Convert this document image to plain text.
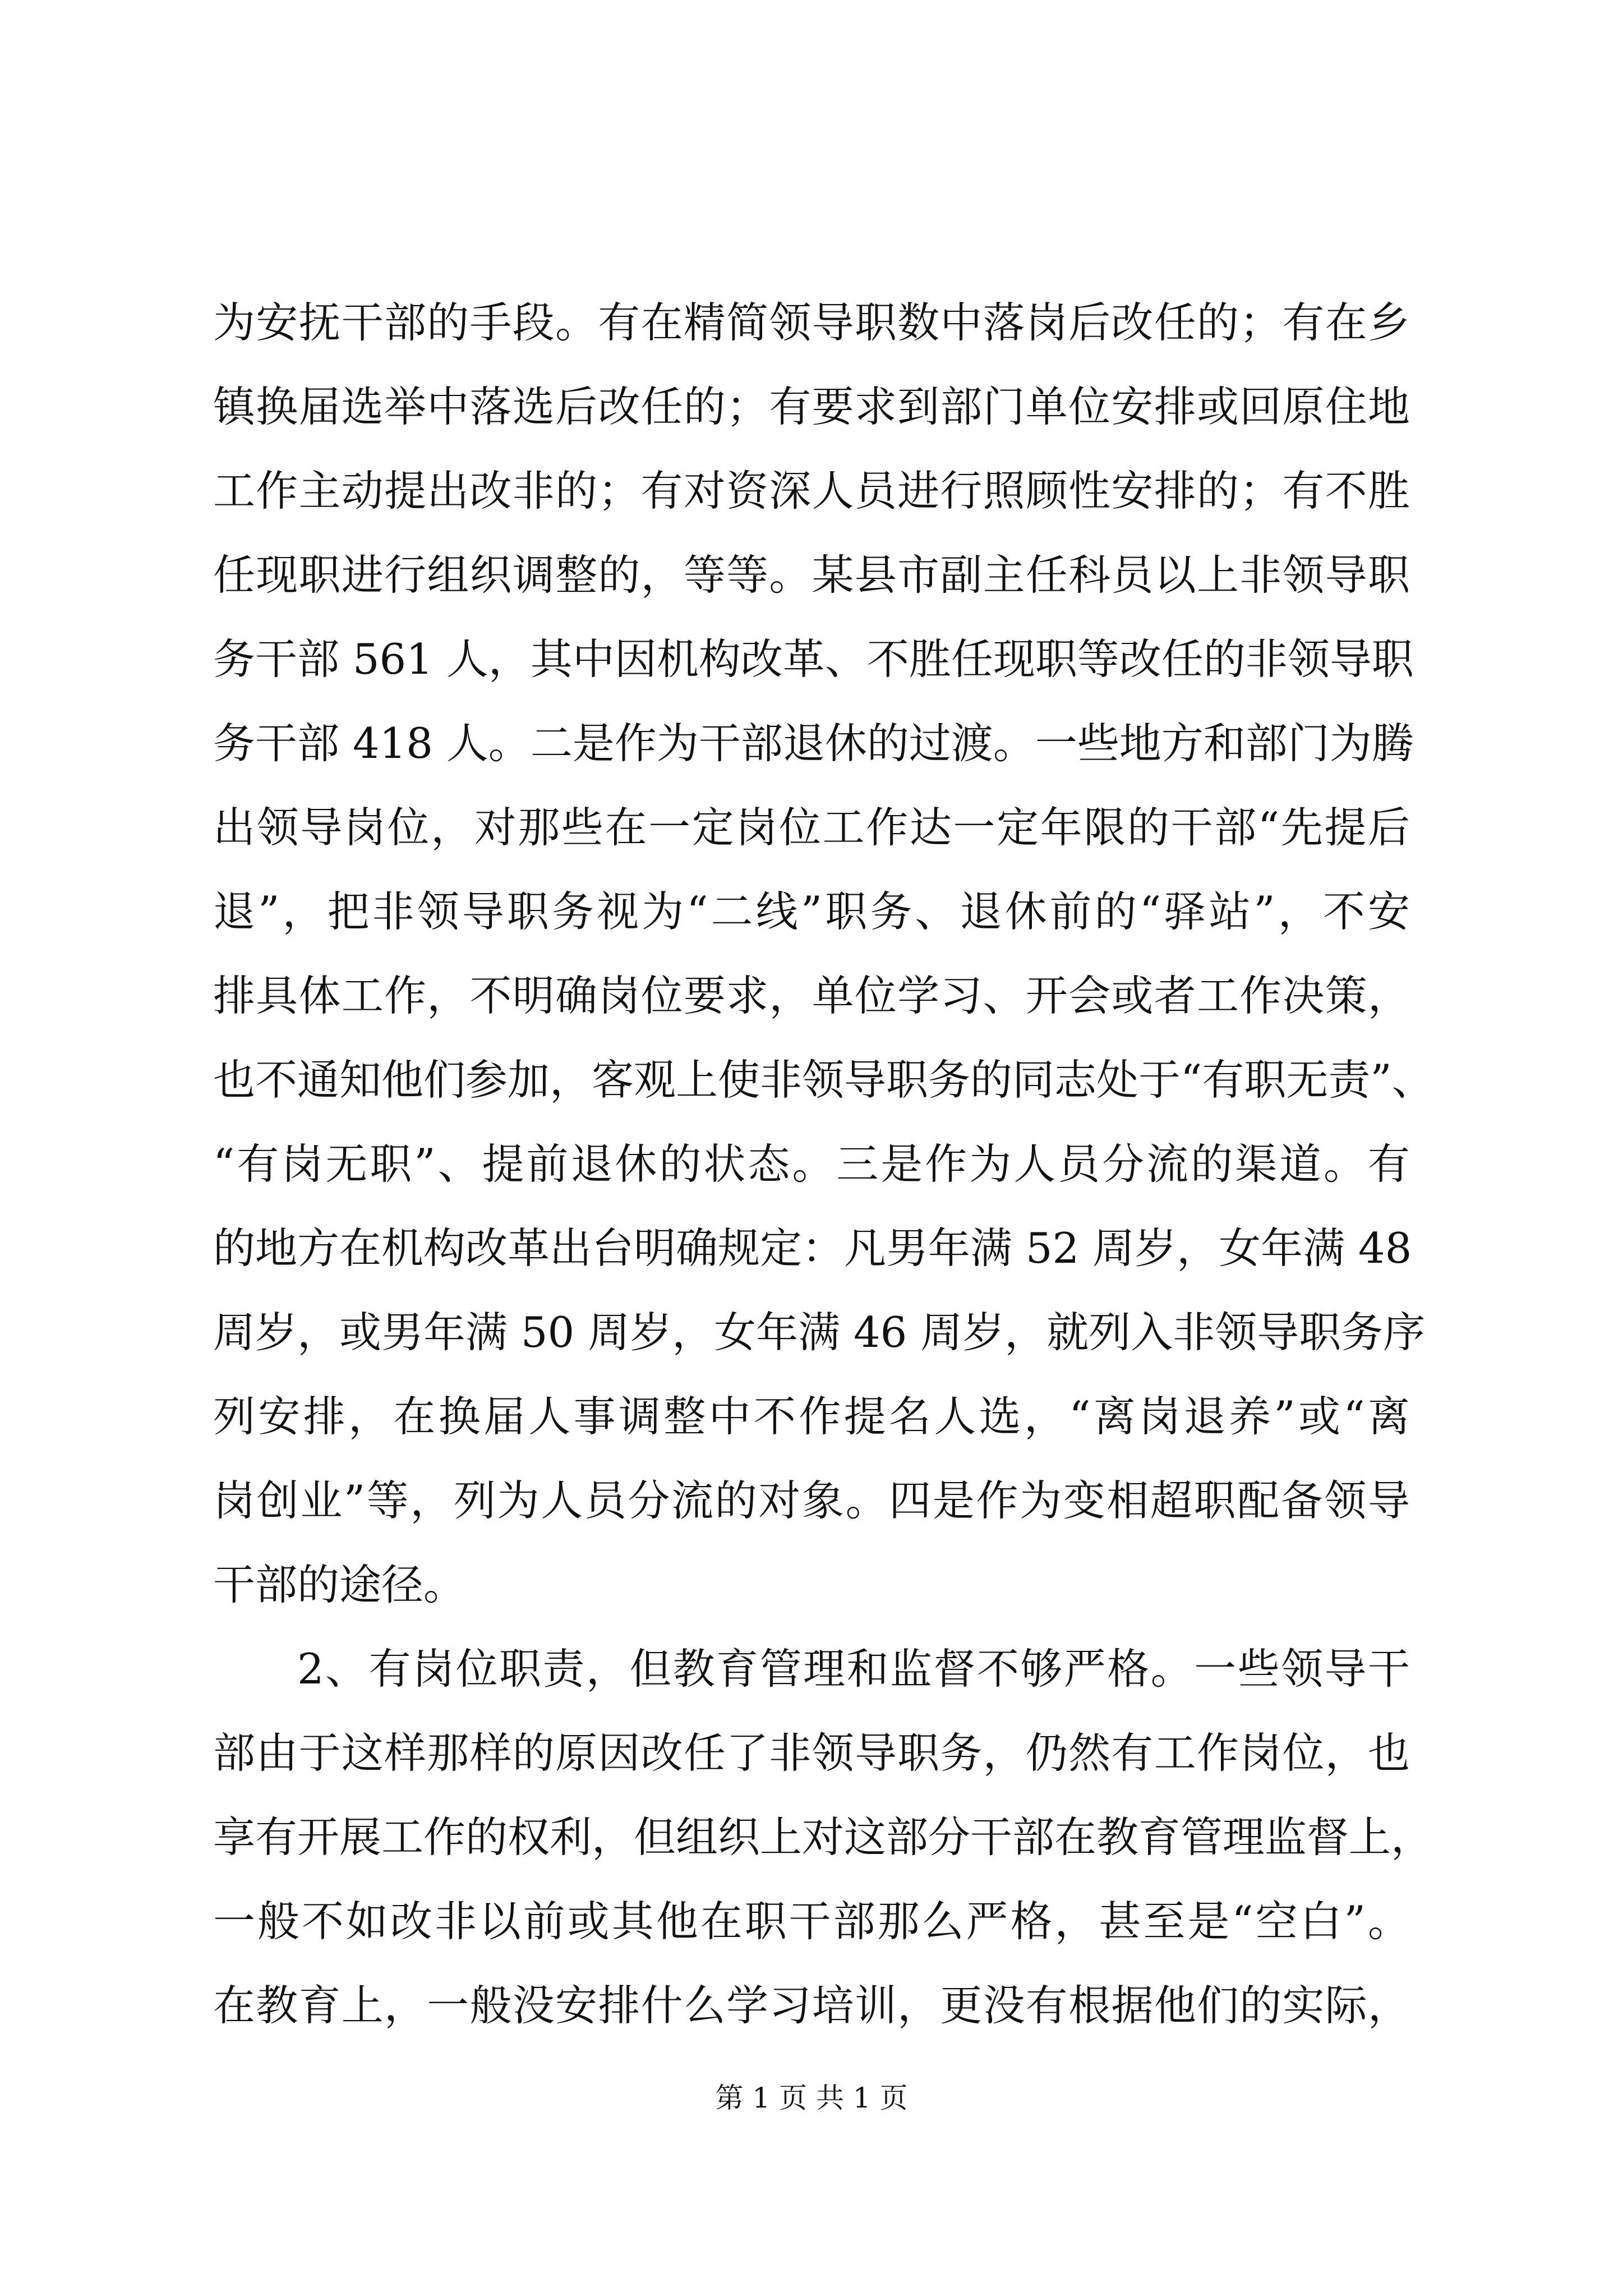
为安抚干部的手段。有在精简领导职数中落岗后改任的；有在乡
镇换届选举中落选后改任的；有要求到部门单位安排或回原住地
工作主动提出改非的；有对资深人员进行照顾性安排的；有不胜
任现职进行组织调整的，等等。某县市副主任科员以上非领导职
务干部 561 人，其中因机构改革、不胜任现职等改任的非领导职
务干部 418 人。二是作为干部退休的过渡。一些地方和部门为腾
出领导岗位，对那些在一定岗位工作达一定年限的干部“先提后
退”，把非领导职务视为“二线”职务、退休前的“驿站”，不安
排具体工作，不明确岗位要求，单位学习、开会或者工作决策，
也不通知他们参加，客观上使非领导职务的同志处于“有职无责”、
“有岗无职”、提前退休的状态。三是作为人员分流的渠道。有
的地方在机构改革出台明确规定：凡男年满 52 周岁，女年满 48
周岁，或男年满 50 周岁，女年满 46 周岁，就列入非领导职务序
列安排，在换届人事调整中不作提名人选，“离岗退养”或“离
岗创业”等，列为人员分流的对象。四是作为变相超职配备领导
干部的途径。
2、有岗位职责，但教育管理和监督不够严格。一些领导干
部由于这样那样的原因改任了非领导职务，仍然有工作岗位，也
享有开展工作的权利，但组织上对这部分干部在教育管理监督上，
一般不如改非以前或其他在职干部那么严格，甚至是“空白”。
在教育上，一般没安排什么学习培训，更没有根据他们的实际，
第 1 页 共 1 页
